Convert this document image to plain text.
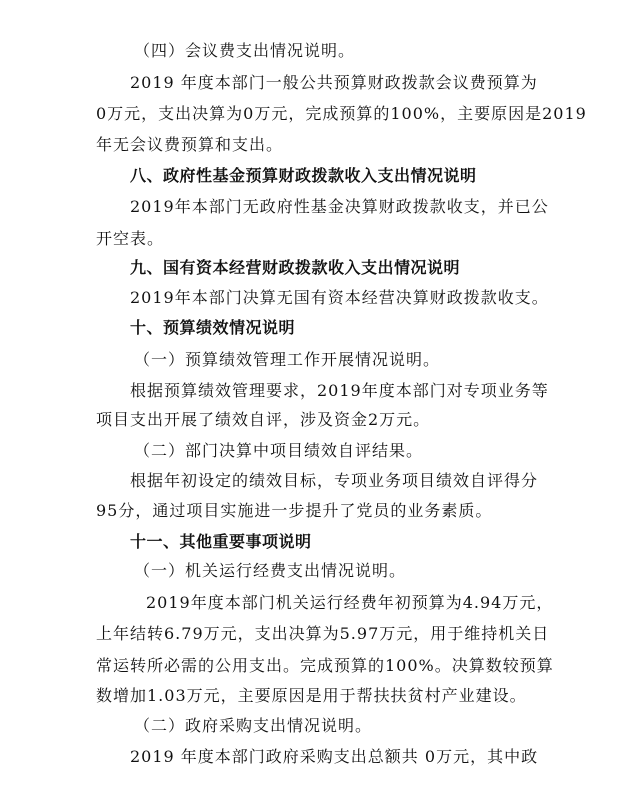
（四）会议费支出情况说明。
2019 年度本部门一般公共预算财政拨款会议费预算为
0万元，支出决算为0万元，完成预算的100%，主要原因是2019
年无会议费预算和支出。
八、政府性基金预算财政拨款收入支出情况说明
2019年本部门无政府性基金决算财政拨款收支，并已公
开空表。
九、国有资本经营财政拨款收入支出情况说明
2019年本部门决算无国有资本经营决算财政拨款收支。
十、预算绩效情况说明
（一）预算绩效管理工作开展情况说明。
根据预算绩效管理要求，2019年度本部门对专项业务等
项目支出开展了绩效自评，涉及资金2万元。
（二）部门决算中项目绩效自评结果。
根据年初设定的绩效目标，专项业务项目绩效自评得分
95分，通过项目实施进一步提升了党员的业务素质。
十一、其他重要事项说明
（一）机关运行经费支出情况说明。
2019年度本部门机关运行经费年初预算为4.94万元，
上年结转6.79万元，支出决算为5.97万元，用于维持机关日
常运转所必需的公用支出。完成预算的100%。决算数较预算
数增加1.03万元，主要原因是用于帮扶扶贫村产业建设。
（二）政府采购支出情况说明。
2019 年度本部门政府采购支出总额共 0万元，其中政
